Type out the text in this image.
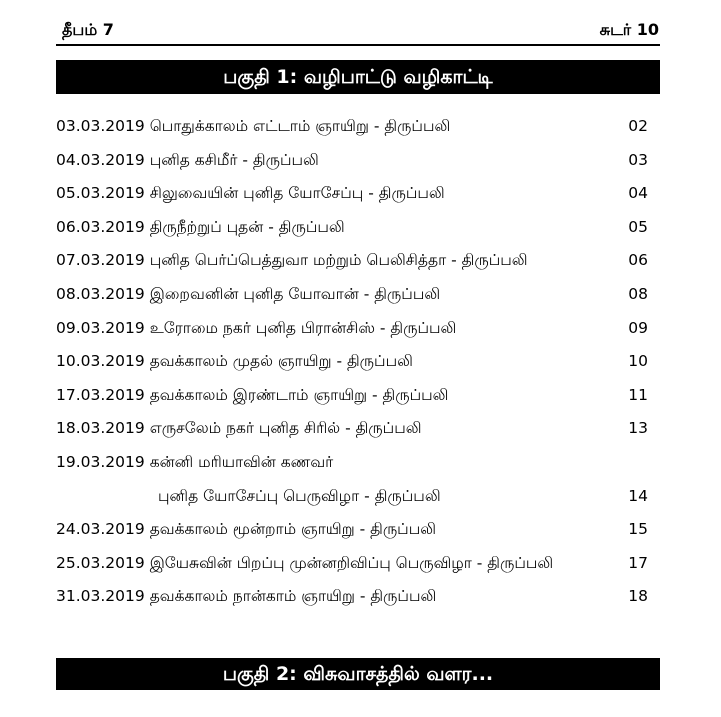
தீபம் 7	சுடர் 10
பகுதி 1: வழிபாட்டு வழிகாட்டி
03.03.2019 பொதுக்காலம் எட்டாம் ஞாயிறு - திருப்பலி	02
04.03.2019 புனித கசிமீர் - திருப்பலி	03
05.03.2019 சிலுவையின் புனித யோசேப்பு - திருப்பலி	04
06.03.2019 திருநீற்றுப் புதன் - திருப்பலி	05
07.03.2019 புனித பெர்ப்பெத்துவா மற்றும் பெலிசித்தா - திருப்பலி	06
08.03.2019 இறைவனின் புனித யோவான் - திருப்பலி	08
09.03.2019 உரோமை நகர் புனித பிரான்சிஸ் - திருப்பலி	09
10.03.2019 தவக்காலம் முதல் ஞாயிறு - திருப்பலி	10
17.03.2019 தவக்காலம் இரண்டாம் ஞாயிறு - திருப்பலி	11
18.03.2019 எருசலேம் நகர் புனித சிரில் - திருப்பலி	13
19.03.2019 கன்னி மரியாவின் கணவர்
புனித யோசேப்பு பெருவிழா - திருப்பலி	14
24.03.2019 தவக்காலம் மூன்றாம் ஞாயிறு - திருப்பலி	15
25.03.2019 இயேசுவின் பிறப்பு முன்னறிவிப்பு பெருவிழா - திருப்பலி	17
31.03.2019 தவக்காலம் நான்காம் ஞாயிறு - திருப்பலி	18
பகுதி 2: விசுவாசத்தில் வளர...
